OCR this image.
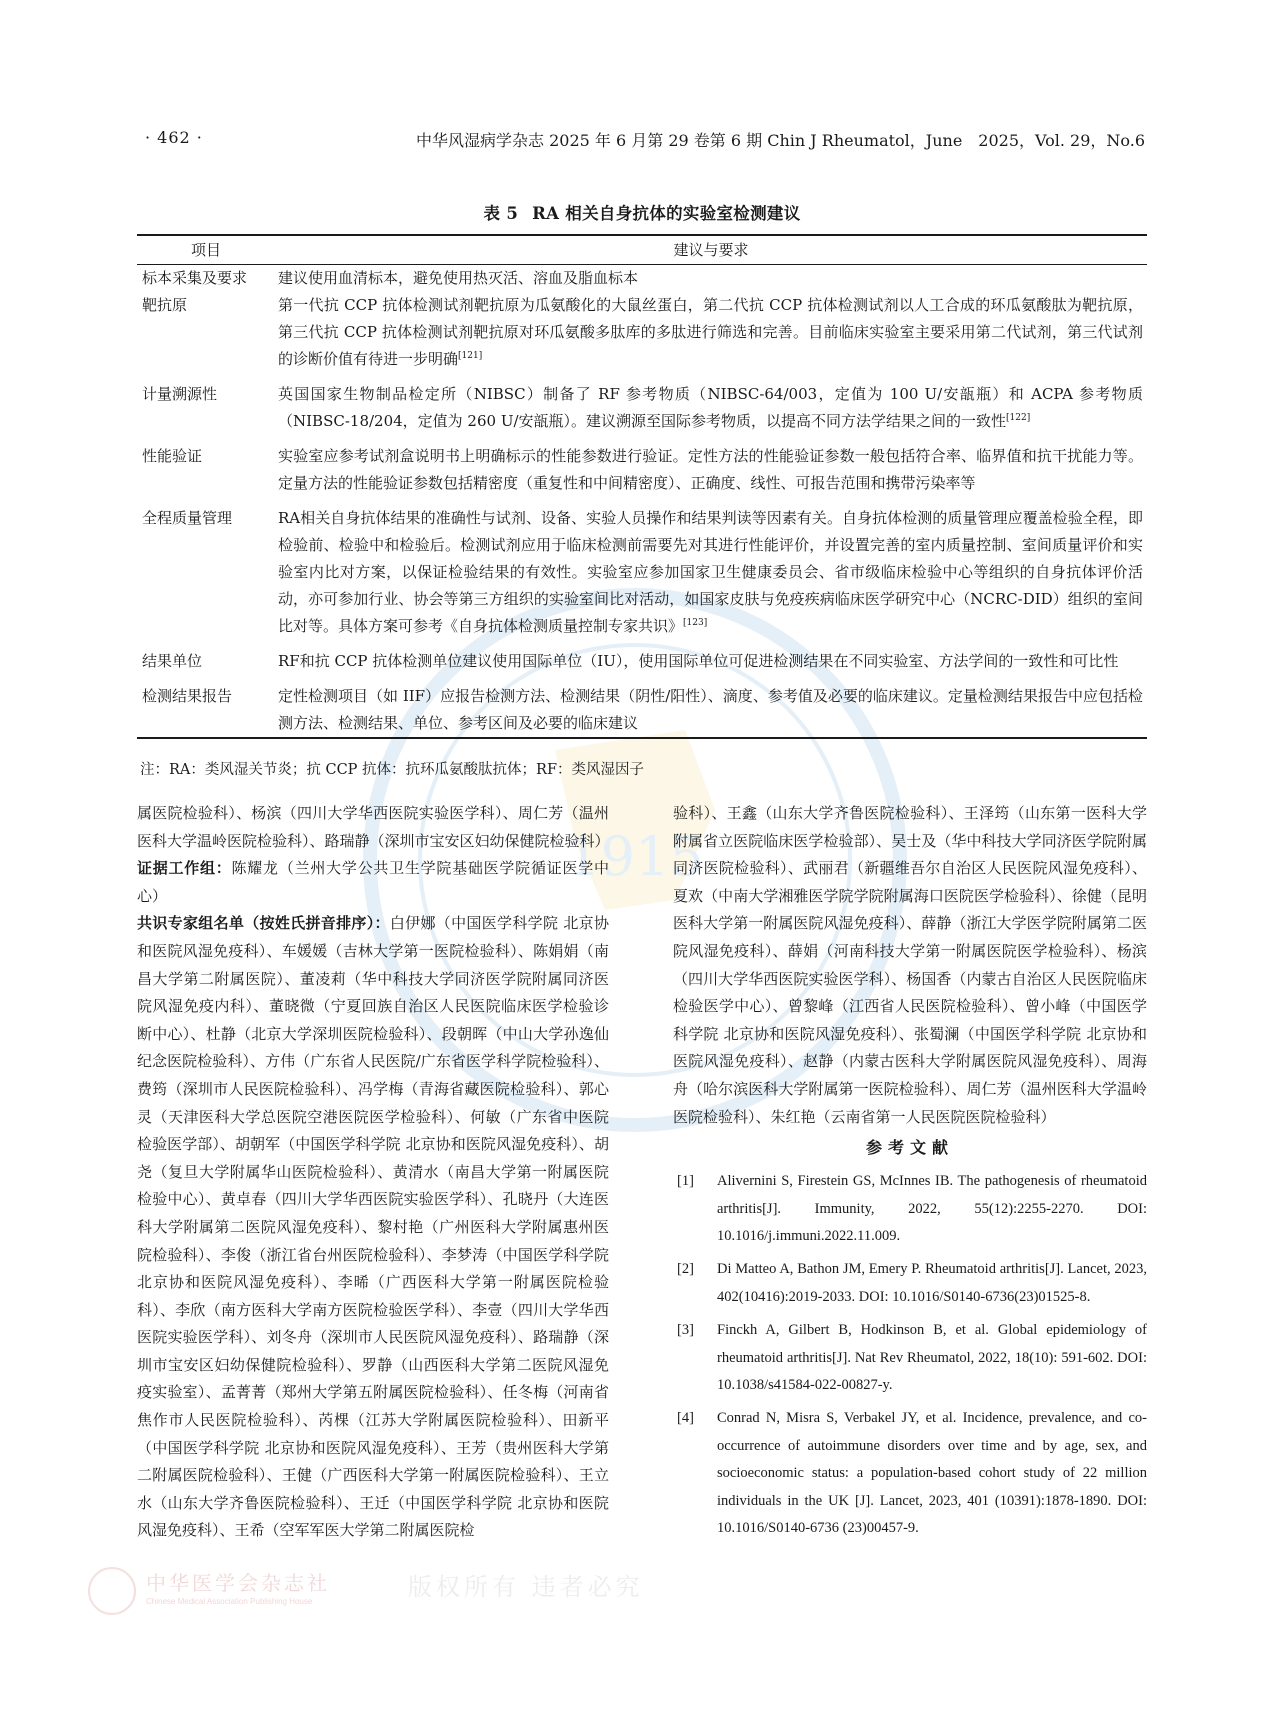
1915
· 462 ·	中华风湿病学杂志 2025 年 6 月第 29 卷第 6 期 Chin J Rheumatol，June　2025，Vol. 29，No.6
表 5 RA 相关自身抗体的实验室检测建议
项目	建议与要求
标本采集及要求	建议使用血清标本，避免使用热灭活、溶血及脂血标本
靶抗原	第一代抗 CCP 抗体检测试剂靶抗原为瓜氨酸化的大鼠丝蛋白，第二代抗 CCP 抗体检测试剂以人工合成的环瓜氨酸肽为靶抗原，第三代抗 CCP 抗体检测试剂靶抗原对环瓜氨酸多肽库的多肽进行筛选和完善。目前临床实验室主要采用第二代试剂，第三代试剂的诊断价值有待进一步明确[121]
计量溯源性	英国国家生物制品检定所（NIBSC）制备了 RF 参考物质（NIBSC-64/003，定值为 100 U/安瓿瓶）和 ACPA 参考物质（NIBSC-18/204，定值为 260 U/安瓿瓶）。建议溯源至国际参考物质，以提高不同方法学结果之间的一致性[122]
性能验证	实验室应参考试剂盒说明书上明确标示的性能参数进行验证。定性方法的性能验证参数一般包括符合率、临界值和抗干扰能力等。定量方法的性能验证参数包括精密度（重复性和中间精密度）、正确度、线性、可报告范围和携带污染率等
全程质量管理	RA相关自身抗体结果的准确性与试剂、设备、实验人员操作和结果判读等因素有关。自身抗体检测的质量管理应覆盖检验全程，即检验前、检验中和检验后。检测试剂应用于临床检测前需要先对其进行性能评价，并设置完善的室内质量控制、室间质量评价和实验室内比对方案，以保证检验结果的有效性。实验室应参加国家卫生健康委员会、省市级临床检验中心等组织的自身抗体评价活动，亦可参加行业、协会等第三方组织的实验室间比对活动，如国家皮肤与免疫疾病临床医学研究中心（NCRC-DID）组织的室间比对等。具体方案可参考《自身抗体检测质量控制专家共识》[123]
结果单位	RF和抗 CCP 抗体检测单位建议使用国际单位（IU），使用国际单位可促进检测结果在不同实验室、方法学间的一致性和可比性
检测结果报告	定性检测项目（如 IIF）应报告检测方法、检测结果（阴性/阳性）、滴度、参考值及必要的临床建议。定量检测结果报告中应包括检测方法、检测结果、单位、参考区间及必要的临床建议
注：RA：类风湿关节炎；抗 CCP 抗体：抗环瓜氨酸肽抗体；RF：类风湿因子
属医院检验科）、杨滨（四川大学华西医院实验医学科）、周仁芳（温州医科大学温岭医院检验科）、路瑞静（深圳市宝安区妇幼保健院检验科）
证据工作组：陈耀龙（兰州大学公共卫生学院基础医学院循证医学中心）
共识专家组名单（按姓氏拼音排序）：白伊娜（中国医学科学院 北京协和医院风湿免疫科）、车媛媛（吉林大学第一医院检验科）、陈娟娟（南昌大学第二附属医院）、董凌莉（华中科技大学同济医学院附属同济医院风湿免疫内科）、董晓微（宁夏回族自治区人民医院临床医学检验诊断中心）、杜静（北京大学深圳医院检验科）、段朝晖（中山大学孙逸仙纪念医院检验科）、方伟（广东省人民医院/广东省医学科学院检验科）、费筠（深圳市人民医院检验科）、冯学梅（青海省藏医院检验科）、郭心灵（天津医科大学总医院空港医院医学检验科）、何敏（广东省中医院检验医学部）、胡朝军（中国医学科学院 北京协和医院风湿免疫科）、胡尧（复旦大学附属华山医院检验科）、黄清水（南昌大学第一附属医院检验中心）、黄卓春（四川大学华西医院实验医学科）、孔晓丹（大连医科大学附属第二医院风湿免疫科）、黎村艳（广州医科大学附属惠州医院检验科）、李俊（浙江省台州医院检验科）、李梦涛（中国医学科学院 北京协和医院风湿免疫科）、李晞（广西医科大学第一附属医院检验科）、李欣（南方医科大学南方医院检验医学科）、李壹（四川大学华西医院实验医学科）、刘冬舟（深圳市人民医院风湿免疫科）、路瑞静（深圳市宝安区妇幼保健院检验科）、罗静（山西医科大学第二医院风湿免疫实验室）、孟菁菁（郑州大学第五附属医院检验科）、任冬梅（河南省焦作市人民医院检验科）、芮棵（江苏大学附属医院检验科）、田新平（中国医学科学院 北京协和医院风湿免疫科）、王芳（贵州医科大学第二附属医院检验科）、王健（广西医科大学第一附属医院检验科）、王立水（山东大学齐鲁医院检验科）、王迁（中国医学科学院 北京协和医院风湿免疫科）、王希（空军军医大学第二附属医院检
验科）、王鑫（山东大学齐鲁医院检验科）、王泽筠（山东第一医科大学附属省立医院临床医学检验部）、吴士及（华中科技大学同济医学院附属同济医院检验科）、武丽君（新疆维吾尔自治区人民医院风湿免疫科）、夏欢（中南大学湘雅医学院学院附属海口医院医学检验科）、徐健（昆明医科大学第一附属医院风湿免疫科）、薛静（浙江大学医学院附属第二医院风湿免疫科）、薛娟（河南科技大学第一附属医院医学检验科）、杨滨（四川大学华西医院实验医学科）、杨国香（内蒙古自治区人民医院临床检验医学中心）、曾黎峰（江西省人民医院检验科）、曾小峰（中国医学科学院 北京协和医院风湿免疫科）、张蜀澜（中国医学科学院 北京协和医院风湿免疫科）、赵静（内蒙古医科大学附属医院风湿免疫科）、周海舟（哈尔滨医科大学附属第一医院检验科）、周仁芳（温州医科大学温岭医院检验科）、朱红艳（云南省第一人民医院医院检验科）
参考文献
[1]	Alivernini S, Firestein GS, McInnes IB. The pathogenesis of rheumatoid arthritis[J]. Immunity, 2022, 55(12):2255-2270. DOI: 10.1016/j.immuni.2022.11.009.
[2]	Di Matteo A, Bathon JM, Emery P. Rheumatoid arthritis[J]. Lancet, 2023, 402(10416):2019-2033. DOI: 10.1016/S0140-6736(23)01525-8.
[3]	Finckh A, Gilbert B, Hodkinson B, et al. Global epidemiology of rheumatoid arthritis[J]. Nat Rev Rheumatol, 2022, 18(10): 591-602. DOI: 10.1038/s41584-022-00827-y.
[4]	Conrad N, Misra S, Verbakel JY, et al. Incidence, prevalence, and co-occurrence of autoimmune disorders over time and by age, sex, and socioeconomic status: a population-based cohort study of 22 million individuals in the UK [J]. Lancet, 2023, 401 (10391):1878-1890. DOI: 10.1016/S0140-6736 (23)00457-9.
中华医学会杂志社
Chinese Medical Association Publishing House
版权所有 违者必究
